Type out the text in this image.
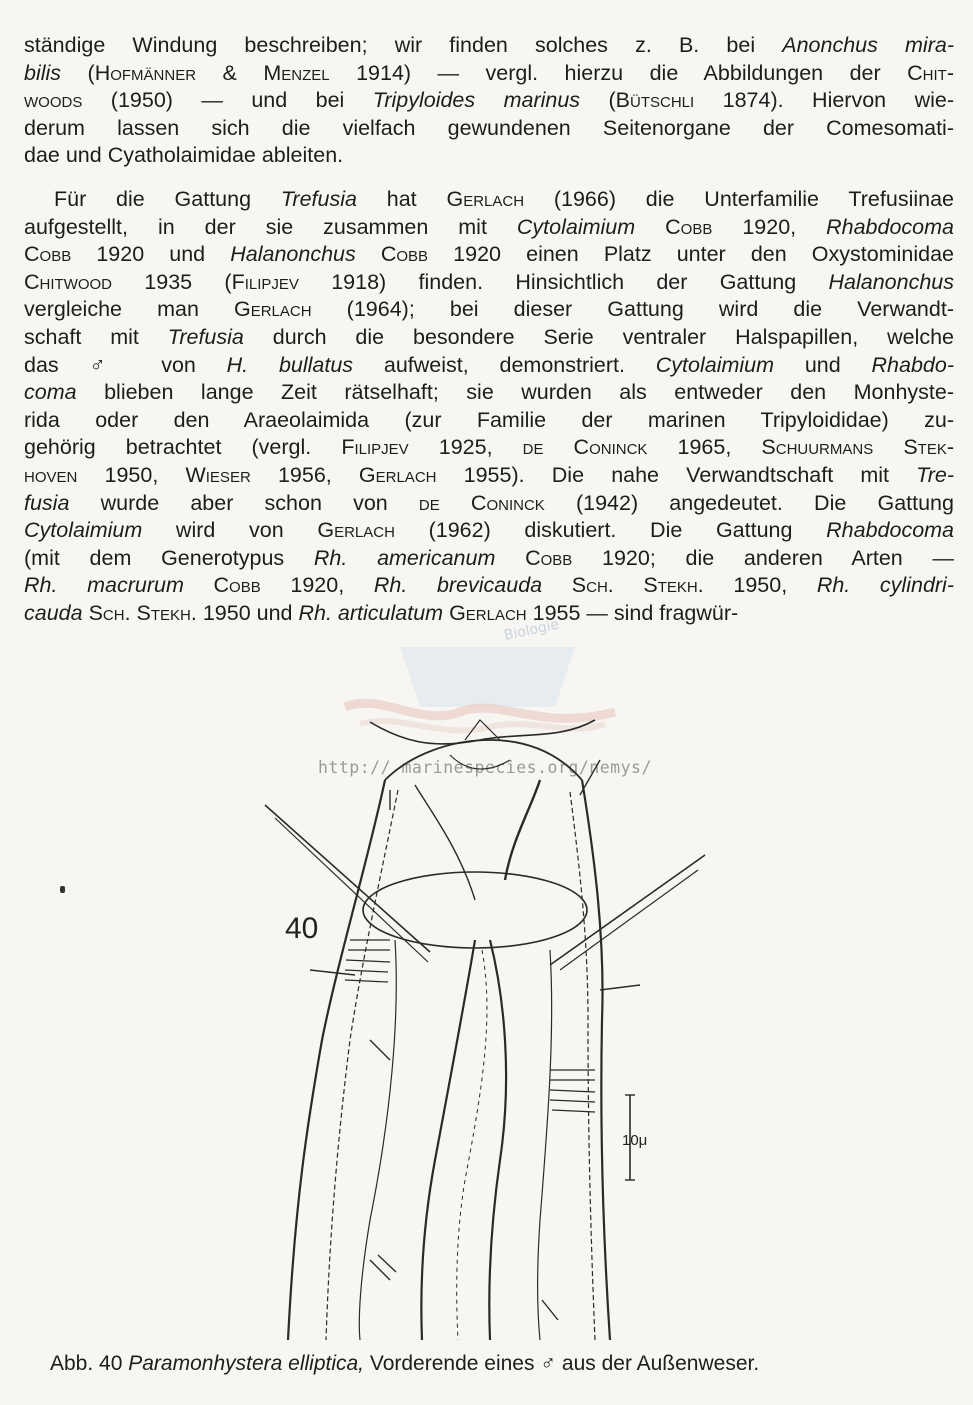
ständige Windung beschreiben; wir finden solches z. B. bei Anonchus mira-
bilis (Hofmänner & Menzel 1914) — vergl. hierzu die Abbildungen der Chit-
woods (1950) — und bei Tripyloides marinus (Bütschli 1874). Hiervon wie-
derum lassen sich die vielfach gewundenen Seitenorgane der Comesomati-
dae und Cyatholaimidae ableiten.
Für die Gattung Trefusia hat Gerlach (1966) die Unterfamilie Trefusiinae
aufgestellt, in der sie zusammen mit Cytolaimium Cobb 1920, Rhabdocoma
Cobb 1920 und Halanonchus Cobb 1920 einen Platz unter den Oxystominidae
Chitwood 1935 (Filipjev 1918) finden. Hinsichtlich der Gattung Halanonchus
vergleiche man Gerlach (1964); bei dieser Gattung wird die Verwandt-
schaft mit Trefusia durch die besondere Serie ventraler Halspapillen, welche
das ♂ von H. bullatus aufweist, demonstriert. Cytolaimium und Rhabdo-
coma blieben lange Zeit rätselhaft; sie wurden als entweder den Monhyste-
rida oder den Araeolaimida (zur Familie der marinen Tripyloididae) zu-
gehörig betrachtet (vergl. Filipjev 1925, de Coninck 1965, Schuurmans Stek-
hoven 1950, Wieser 1956, Gerlach 1955). Die nahe Verwandtschaft mit Tre-
fusia wurde aber schon von de Coninck (1942) angedeutet. Die Gattung
Cytolaimium wird von Gerlach (1962) diskutiert. Die Gattung Rhabdocoma
(mit dem Generotypus Rh. americanum Cobb 1920; die anderen Arten —
Rh. macrurum Cobb 1920, Rh. brevicauda Sch. Stekh. 1950, Rh. cylindri-
cauda Sch. Stekh. 1950 und Rh. articulatum Gerlach 1955 — sind fragwür-
Biologie
http:// marinespecies.org/nemys/
40
10μ
Abb. 40 Paramonhystera elliptica, Vorderende eines ♂ aus der Außenweser.
